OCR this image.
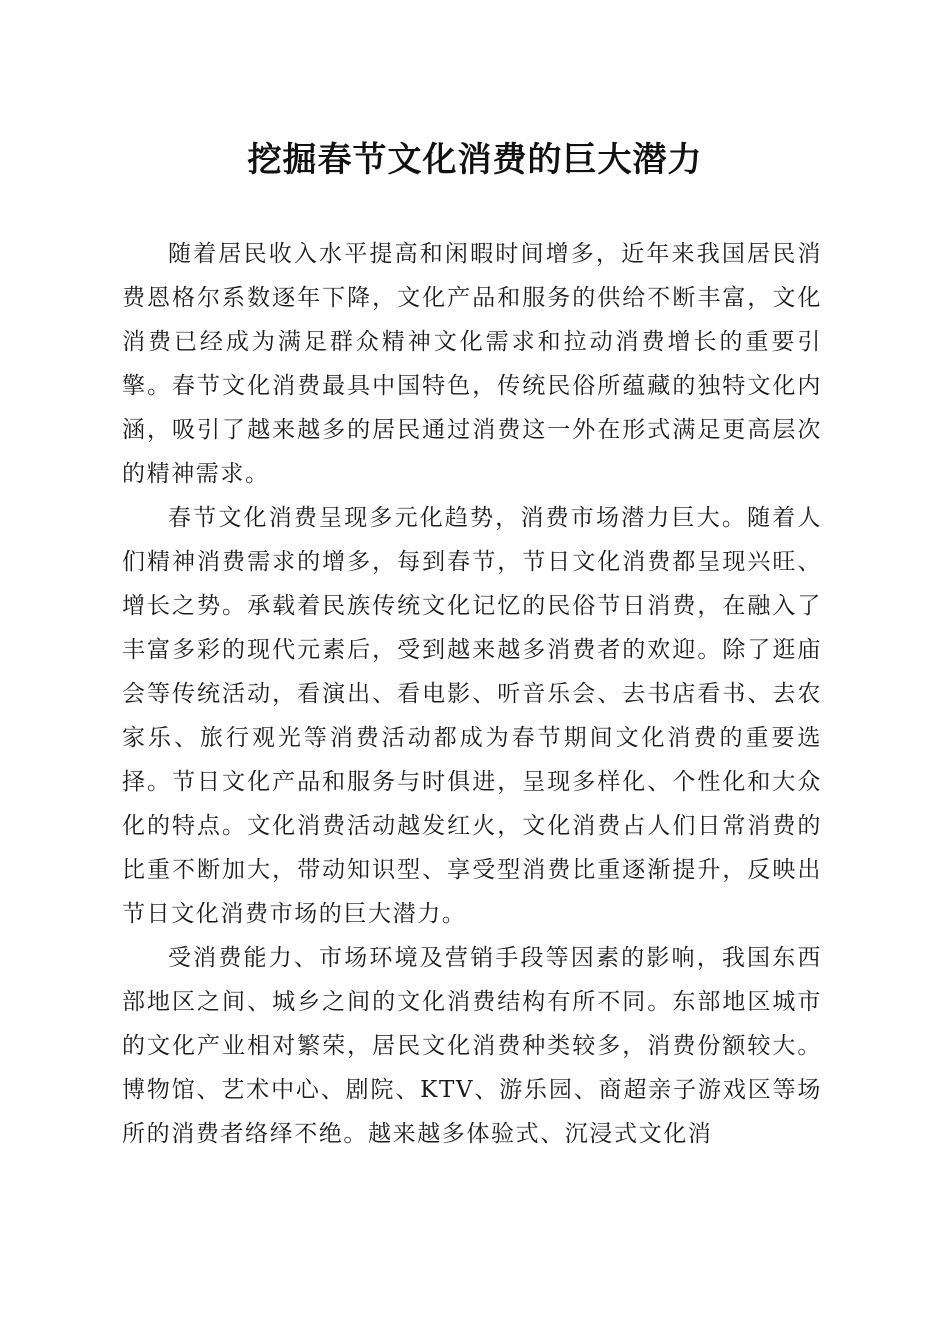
挖掘春节文化消费的巨大潜力

随着居民收入水平提高和闲暇时间增多，近年来我国居民消费恩格尔系数逐年下降，文化产品和服务的供给不断丰富，文化消费已经成为满足群众精神文化需求和拉动消费增长的重要引擎。春节文化消费最具中国特色，传统民俗所蕴藏的独特文化内涵，吸引了越来越多的居民通过消费这一外在形式满足更高层次的精神需求。

春节文化消费呈现多元化趋势，消费市场潜力巨大。随着人们精神消费需求的增多，每到春节，节日文化消费都呈现兴旺、增长之势。承载着民族传统文化记忆的民俗节日消费，在融入了丰富多彩的现代元素后，受到越来越多消费者的欢迎。除了逛庙会等传统活动，看演出、看电影、听音乐会、去书店看书、去农家乐、旅行观光等消费活动都成为春节期间文化消费的重要选择。节日文化产品和服务与时俱进，呈现多样化、个性化和大众化的特点。文化消费活动越发红火，文化消费占人们日常消费的比重不断加大，带动知识型、享受型消费比重逐渐提升，反映出节日文化消费市场的巨大潜力。

受消费能力、市场环境及营销手段等因素的影响，我国东西部地区之间、城乡之间的文化消费结构有所不同。东部地区城市的文化产业相对繁荣，居民文化消费种类较多，消费份额较大。博物馆、艺术中心、剧院、KTV、游乐园、商超亲子游戏区等场所的消费者络绎不绝。越来越多体验式、沉浸式文化消
